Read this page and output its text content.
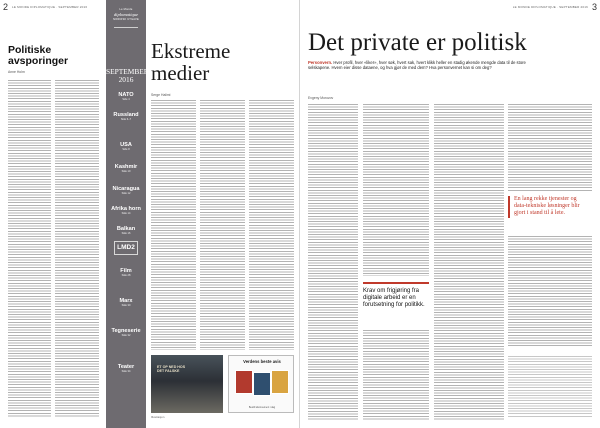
2	3
LE MONDE DIPLOMATIQUE · SEPTEMBER 2016	LE MONDE DIPLOMATIQUE · SEPTEMBER 2016
Politiske avsporinger
Anne Holm
Le Monde
diplomatique
NORDISK UTGAVE
SEPTEMBER 2016
NATO
Side 4
Russland
Side 6–7
USA
Side 8
Kashmir
Side 10
Nicaragua
Side 12
Afrika horn
Side 14
Balkan
Side 16
LMD2
Film
Side 28
Marx
Side 30
Tegneserie
Side 32
Teater
Side 34
Ekstreme medier
Serge Halimi
ET OP NED HOS DET FALSKE
Illustrasjon
Verdens beste avis
Bestill abonnement i dag
Det private er politisk
Personvern. Hver profil, hver «liker», hver søk, hvert sak, hvert klikk heller en stadig økende mengde data til de store selskapene. Hvem eier disse dataene, og hva gjør de med dem? Hva personvernet kan si om deg?
Evgeny Morozov
Krav om frigjøring fra digitale arbeid er en forutsetning for politikk.
En lang rekke tjenester og data-tekniske løsninger blir gjort i stand til å lete.
